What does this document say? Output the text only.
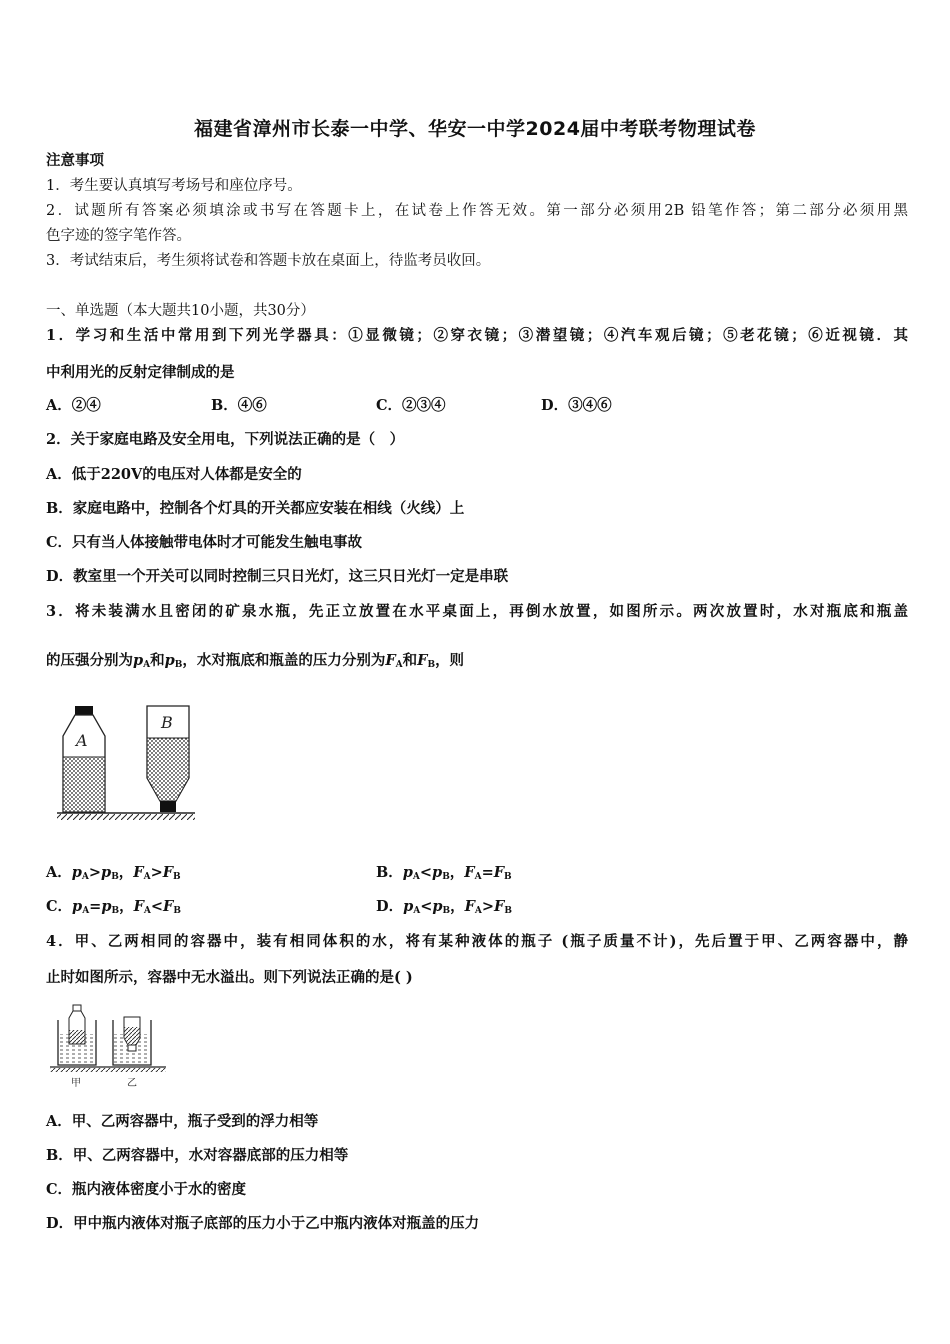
福建省漳州市长泰一中学、华安一中学2024届中考联考物理试卷
注意事项
1．考生要认真填写考场号和座位序号。
2．试题所有答案必须填涂或书写在答题卡上，在试卷上作答无效。第一部分必须用2B 铅笔作答；第二部分必须用黑
色字迹的签字笔作答。
3．考试结束后，考生须将试卷和答题卡放在桌面上，待监考员收回。
一、单选题（本大题共10小题，共30分）
1．学习和生活中常用到下列光学器具：①显微镜；②穿衣镜；③潜望镜；④汽车观后镜；⑤老花镜；⑥近视镜．其
中利用光的反射定律制成的是
A．②④	B．④⑥	C．②③④	D．③④⑥
2．关于家庭电路及安全用电，下列说法正确的是（　）
A．低于220V的电压对人体都是安全的
B．家庭电路中，控制各个灯具的开关都应安装在相线（火线）上
C．只有当人体接触带电体时才可能发生触电事故
D．教室里一个开关可以同时控制三只日光灯，这三只日光灯一定是串联
3．将未装满水且密闭的矿泉水瓶，先正立放置在水平桌面上，再倒水放置，如图所示。两次放置时，水对瓶底和瓶盖
的压强分别为$p_A$和$p_B$，水对瓶底和瓶盖的压力分别为$F_A$和$F_B$，则
A
B
A．$p_A>p_B$，$F_A>F_B$	B．$p_A<p_B$，$F_A=F_B$
C．$p_A=p_B$，$F_A<F_B$	D．$p_A<p_B$，$F_A>F_B$
4．甲、乙两相同的容器中，装有相同体积的水，将有某种液体的瓶子 (瓶子质量不计)，先后置于甲、乙两容器中，静
止时如图所示，容器中无水溢出。则下列说法正确的是( )
甲	乙
A．甲、乙两容器中，瓶子受到的浮力相等
B．甲、乙两容器中，水对容器底部的压力相等
C．瓶内液体密度小于水的密度
D．甲中瓶内液体对瓶子底部的压力小于乙中瓶内液体对瓶盖的压力
